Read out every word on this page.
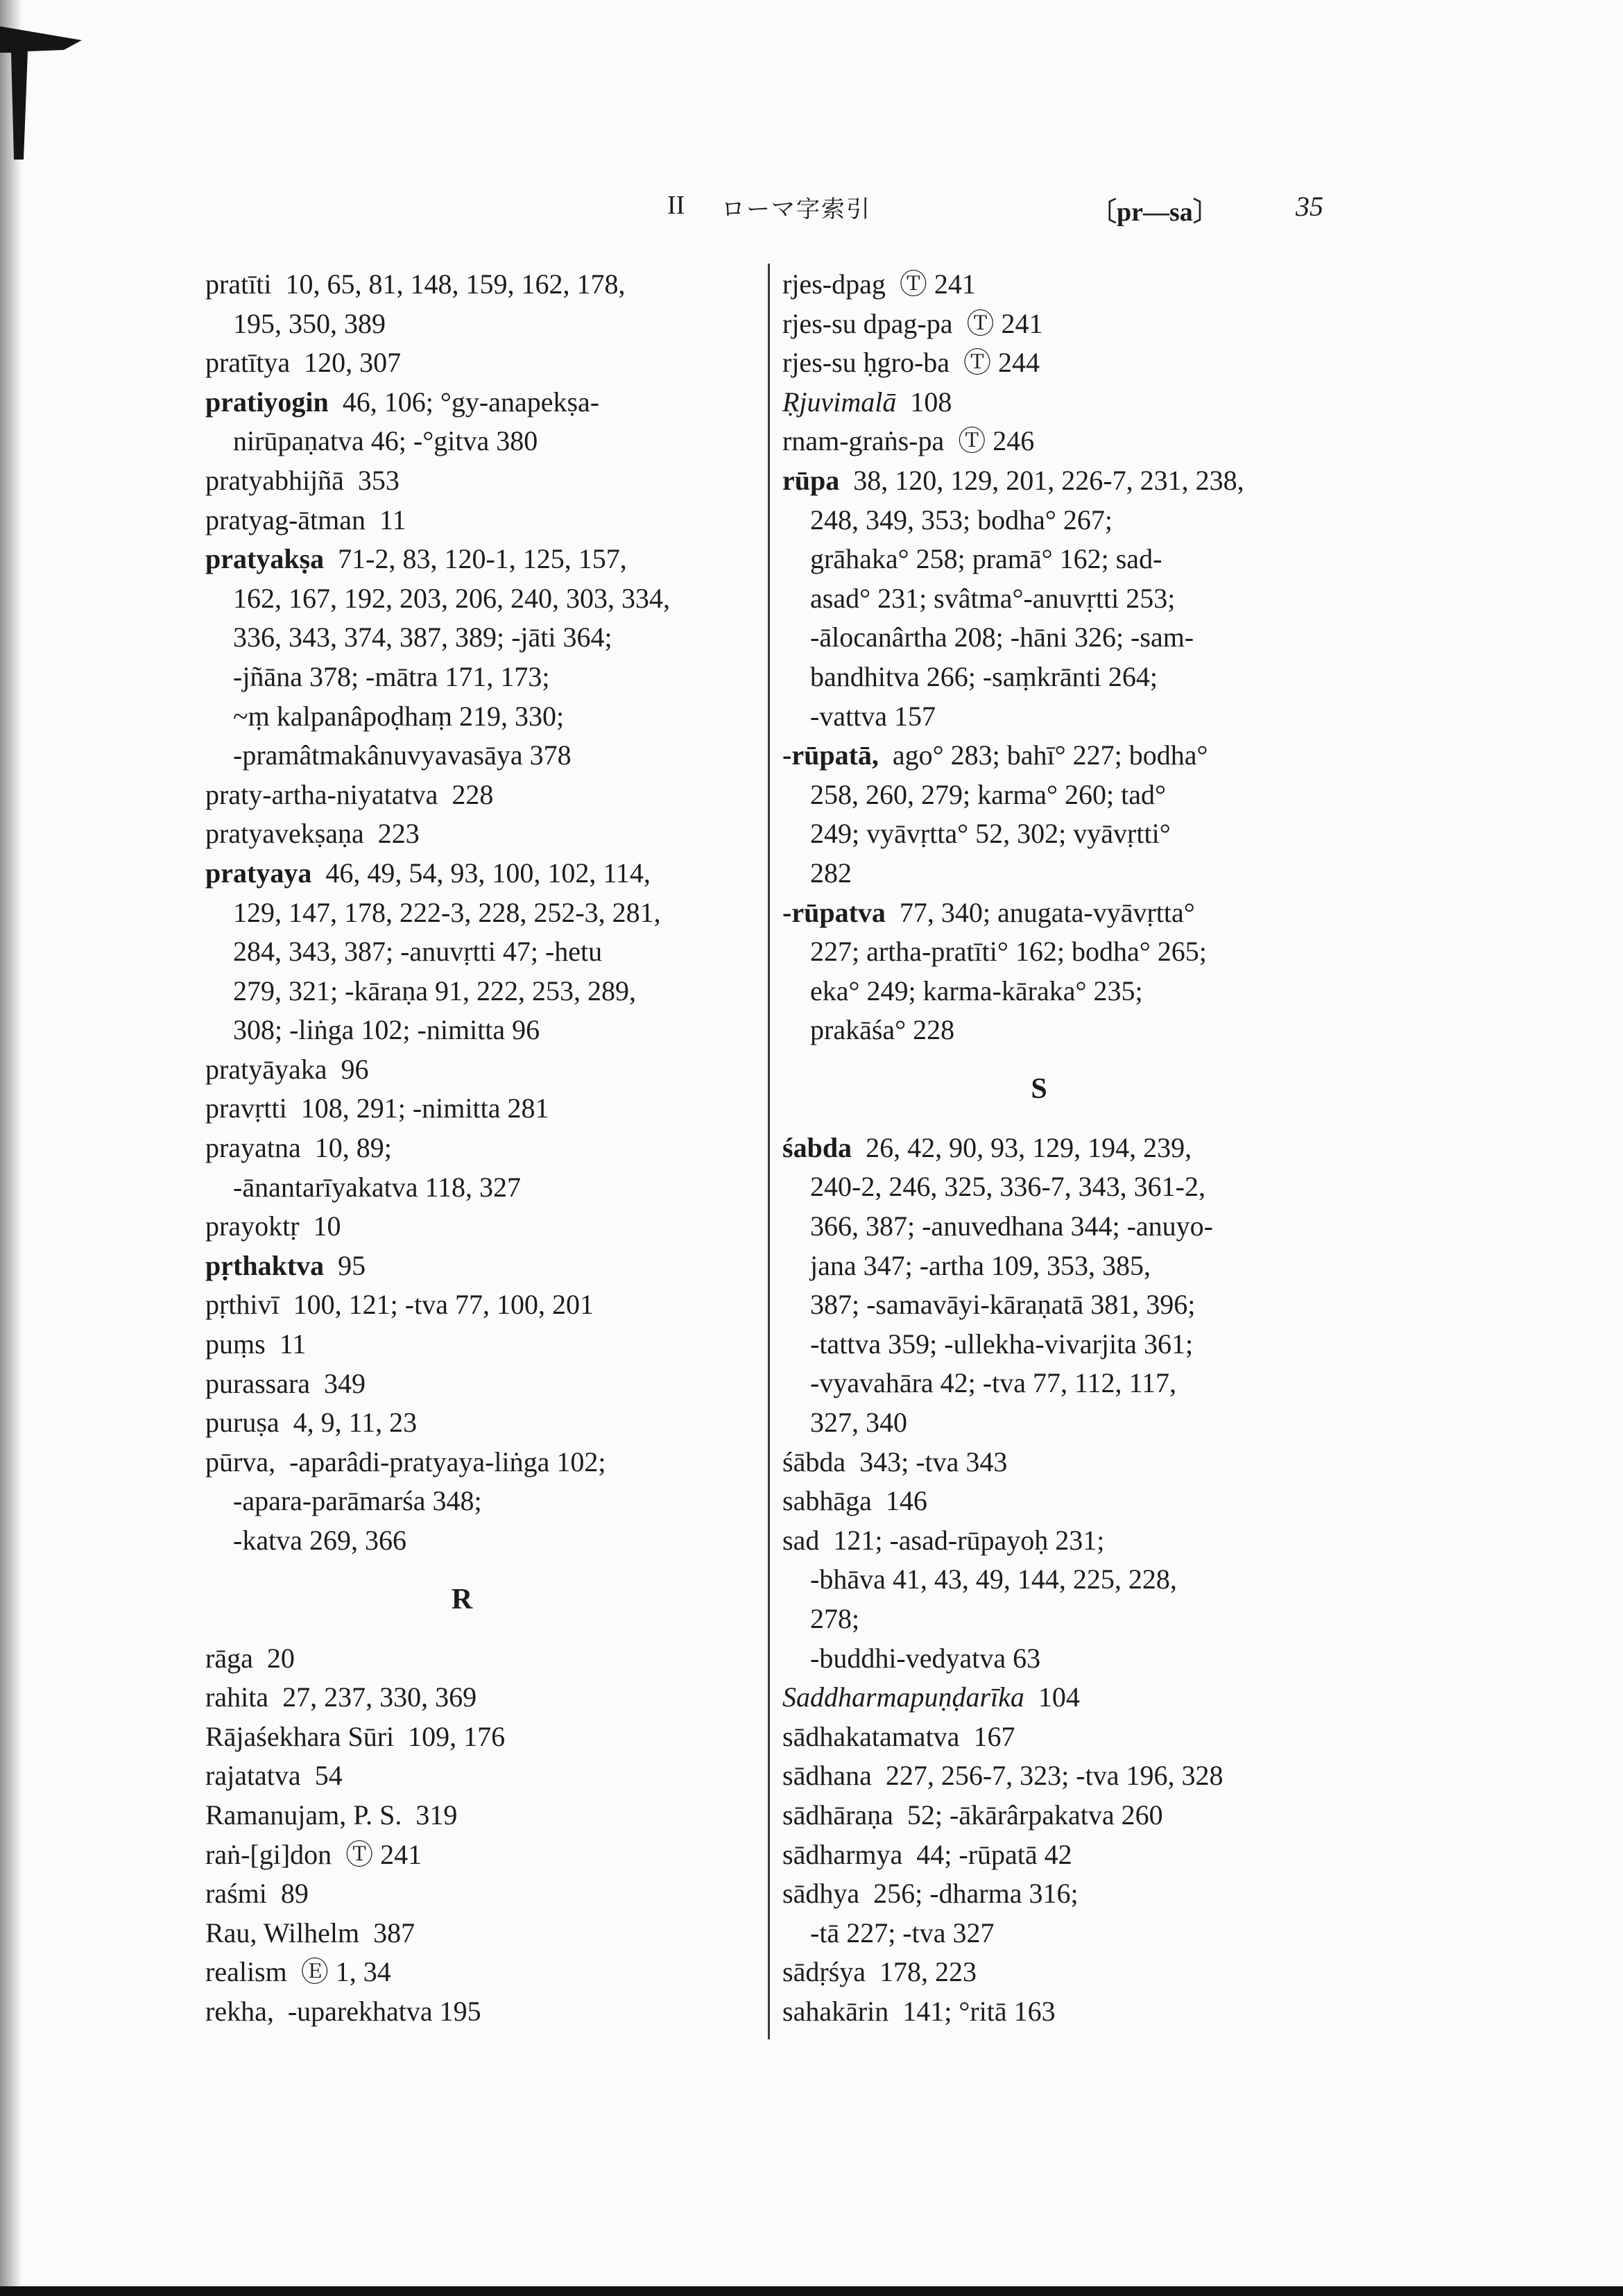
II ローマ字索引	〔pr—sa〕	35
pratīti  10, 65, 81, 148, 159, 162, 178,
195, 350, 389
pratītya  120, 307
pratiyogin  46, 106; °gy-anapekṣa-
nirūpaṇatva 46; -°gitva 380
pratyabhijñā  353
pratyag-ātman  11
pratyakṣa  71-2, 83, 120-1, 125, 157,
162, 167, 192, 203, 206, 240, 303, 334,
336, 343, 374, 387, 389; -jāti 364;
-jñāna 378; -mātra 171, 173;
~ṃ kalpanâpoḍhaṃ 219, 330;
-pramâtmakânuvyavasāya 378
praty-artha-niyatatva  228
pratyavekṣaṇa  223
pratyaya  46, 49, 54, 93, 100, 102, 114,
129, 147, 178, 222-3, 228, 252-3, 281,
284, 343, 387; -anuvṛtti 47; -hetu
279, 321; -kāraṇa 91, 222, 253, 289,
308; -liṅga 102; -nimitta 96
pratyāyaka  96
pravṛtti  108, 291; -nimitta 281
prayatna  10, 89;
-ānantarīyakatva 118, 327
prayoktṛ  10
pṛthaktva  95
pṛthivī  100, 121; -tva 77, 100, 201
puṃs  11
purassara  349
puruṣa  4, 9, 11, 23
pūrva,  -aparâdi-pratyaya-liṅga 102;
-apara-parāmarśa 348;
-katva 269, 366
R
rāga  20
rahita  27, 237, 330, 369
Rājaśekhara Sūri  109, 176
rajatatva  54
Ramanujam, P. S.  319
raṅ-[gi]don  Ⓣ 241
raśmi  89
Rau, Wilhelm  387
realism  Ⓔ 1, 34
rekha,  -uparekhatva 195
rjes-dpag  Ⓣ 241
rjes-su dpag-pa  Ⓣ 241
rjes-su ḥgro-ba  Ⓣ 244
Ṛjuvimalā  108
rnam-graṅs-pa  Ⓣ 246
rūpa  38, 120, 129, 201, 226-7, 231, 238,
248, 349, 353; bodha° 267;
grāhaka° 258; pramā° 162; sad-
asad° 231; svâtma°-anuvṛtti 253;
-ālocanârtha 208; -hāni 326; -sam-
bandhitva 266; -saṃkrānti 264;
-vattva 157
-rūpatā,  ago° 283; bahī° 227; bodha°
258, 260, 279; karma° 260; tad°
249; vyāvṛtta° 52, 302; vyāvṛtti°
282
-rūpatva  77, 340; anugata-vyāvṛtta°
227; artha-pratīti° 162; bodha° 265;
eka° 249; karma-kāraka° 235;
prakāśa° 228
S
śabda  26, 42, 90, 93, 129, 194, 239,
240-2, 246, 325, 336-7, 343, 361-2,
366, 387; -anuvedhana 344; -anuyo-
jana 347; -artha 109, 353, 385,
387; -samavāyi-kāraṇatā 381, 396;
-tattva 359; -ullekha-vivarjita 361;
-vyavahāra 42; -tva 77, 112, 117,
327, 340
śābda  343; -tva 343
sabhāga  146
sad  121; -asad-rūpayoḥ 231;
-bhāva 41, 43, 49, 144, 225, 228,
278;
-buddhi-vedyatva 63
Saddharmapuṇḍarīka  104
sādhakatamatva  167
sādhana  227, 256-7, 323; -tva 196, 328
sādhāraṇa  52; -ākārârpakatva 260
sādharmya  44; -rūpatā 42
sādhya  256; -dharma 316;
-tā 227; -tva 327
sādṛśya  178, 223
sahakārin  141; °ritā 163
